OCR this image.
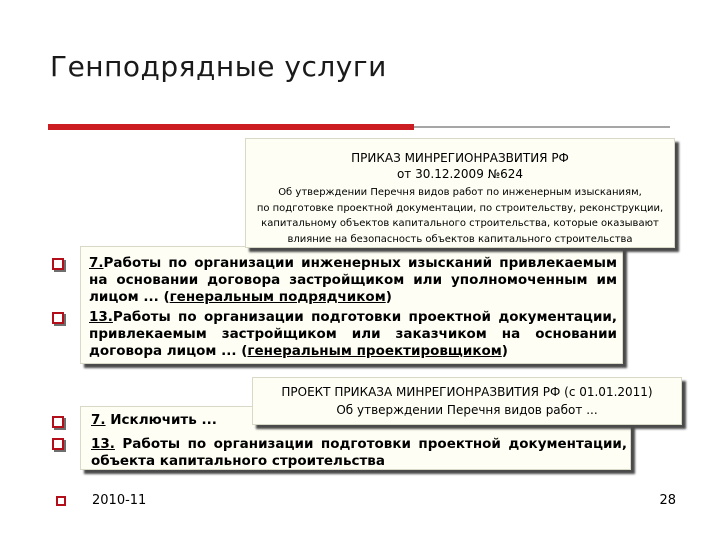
Генподрядные услуги
7.Работы по организации инженерных изысканий привлекаемым на основании договора застройщиком или уполномоченным им лицом ... (генеральным подрядчиком)
13.Работы по организации подготовки проектной документации, привлекаемым застройщиком или заказчиком на основании договора лицом ... (генеральным проектировщиком)
ПРИКАЗ МИНРЕГИОНРАЗВИТИЯ РФ
от 30.12.2009 №624
Об утверждении Перечня видов работ по инженерным изысканиям,
по подготовке проектной документации, по строительству, реконструкции,
капитальному объектов капитального строительства, которые оказывают
влияние на безопасность объектов капитального строительства
7. Исключить ...
13. Работы по организации подготовки проектной документации, объекта капитального строительства
ПРОЕКТ ПРИКАЗА МИНРЕГИОНРАЗВИТИЯ РФ (с 01.01.2011)
Об утверждении Перечня видов работ ...
2010-11	28
